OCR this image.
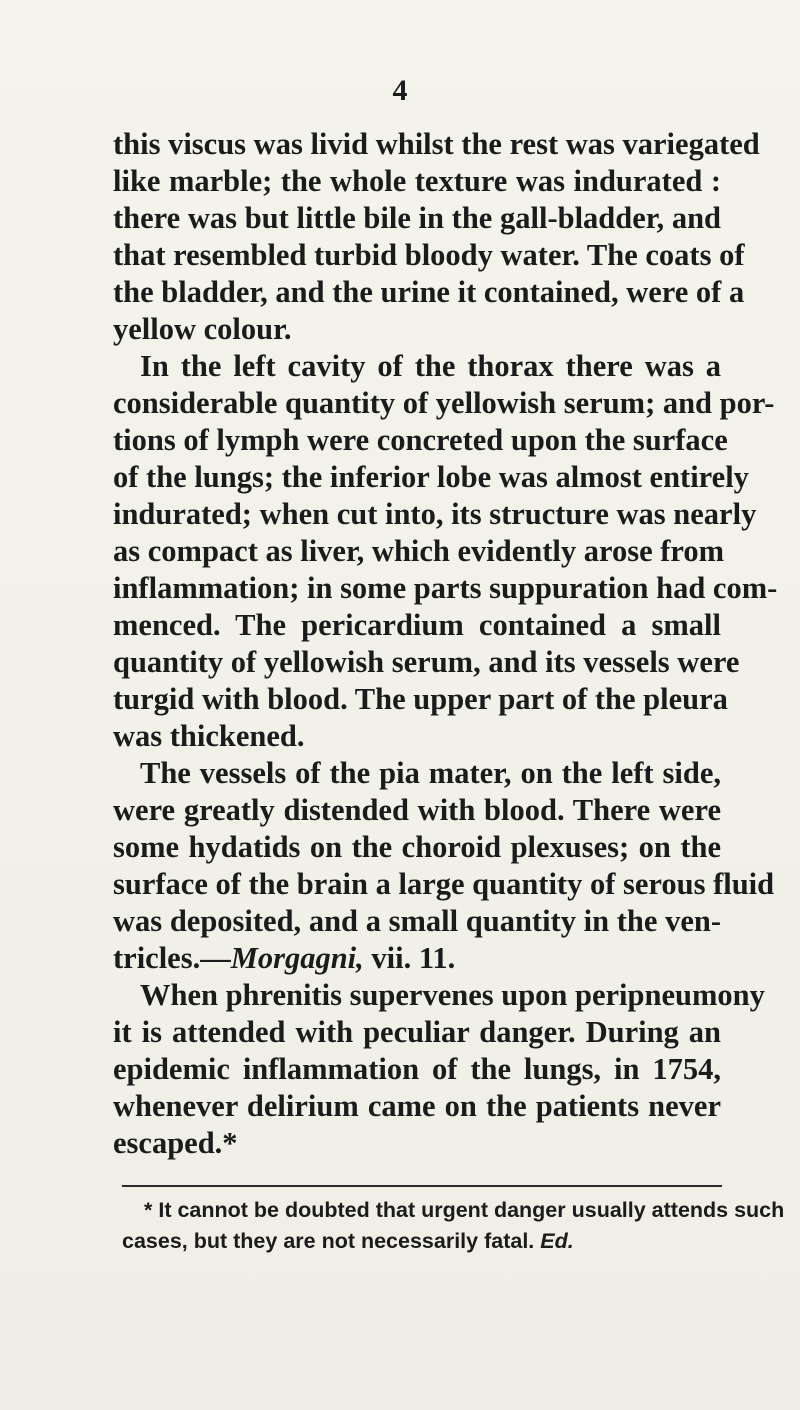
4
this viscus was livid whilst the rest was variegated
like marble; the whole texture was indurated :
there was but little bile in the gall-bladder, and
that resembled turbid bloody water. The coats of
the bladder, and the urine it contained, were of a
yellow colour.
In the left cavity of the thorax there was a
considerable quantity of yellowish serum; and por-
tions of lymph were concreted upon the surface
of the lungs; the inferior lobe was almost entirely
indurated; when cut into, its structure was nearly
as compact as liver, which evidently arose from
inflammation; in some parts suppuration had com-
menced. The pericardium contained a small
quantity of yellowish serum, and its vessels were
turgid with blood. The upper part of the pleura
was thickened.
The vessels of the pia mater, on the left side,
were greatly distended with blood. There were
some hydatids on the choroid plexuses; on the
surface of the brain a large quantity of serous fluid
was deposited, and a small quantity in the ven-
tricles.—Morgagni, vii. 11.
When phrenitis supervenes upon peripneumony
it is attended with peculiar danger. During an
epidemic inflammation of the lungs, in 1754,
whenever delirium came on the patients never
escaped.*
* It cannot be doubted that urgent danger usually attends such
cases, but they are not necessarily fatal. Ed.
